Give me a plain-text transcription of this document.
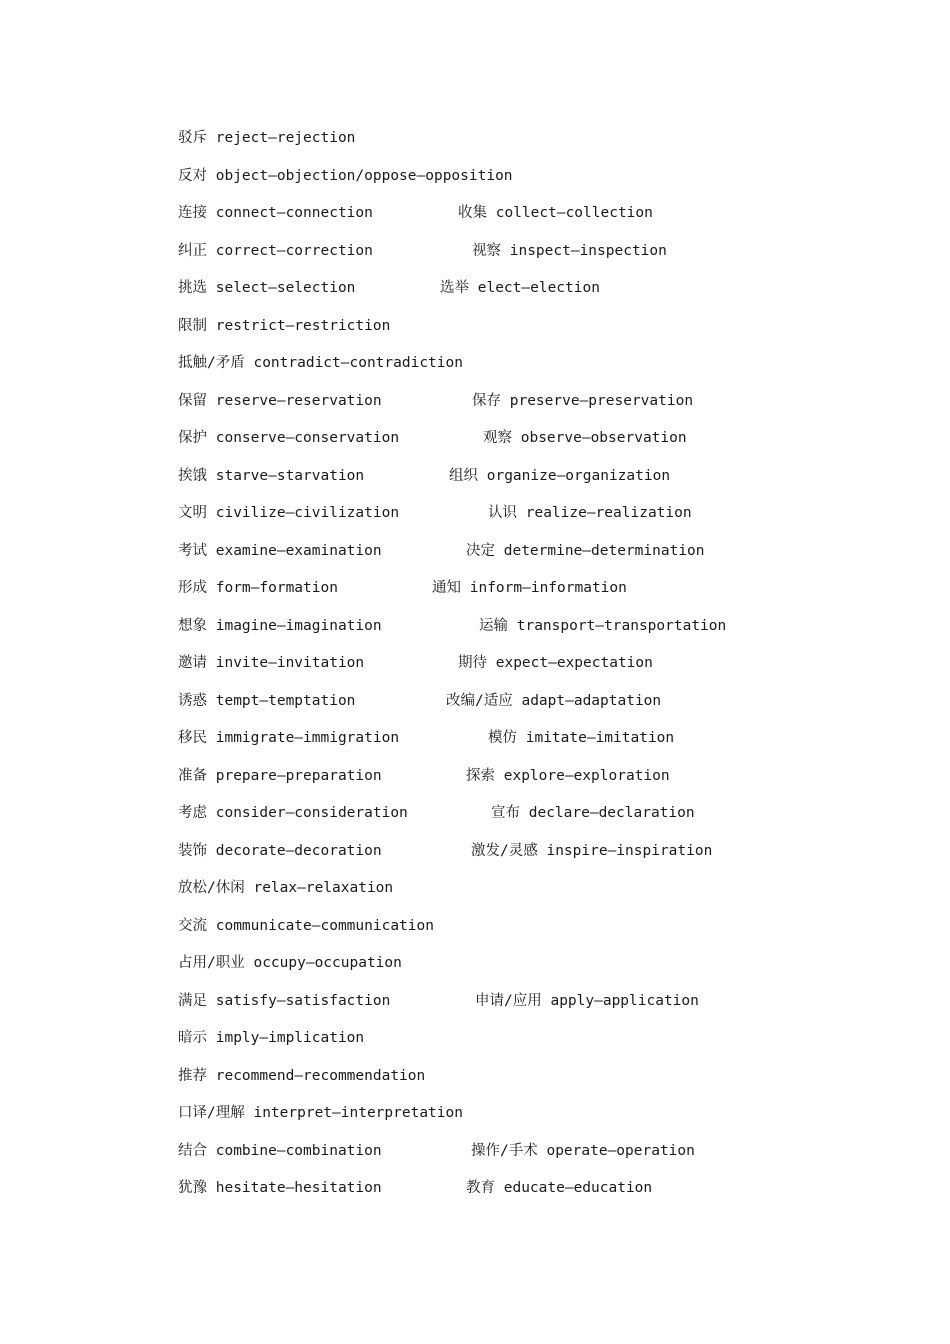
驳斥 reject—rejection
反对 object—objection/oppose—opposition
连接 connect—connection	收集 collect—collection
纠正 correct—correction	视察 inspect—inspection
挑选 select—selection	选举 elect—election
限制 restrict—restriction
抵触/矛盾 contradict—contradiction
保留 reserve—reservation	保存 preserve—preservation
保护 conserve—conservation	观察 observe—observation
挨饿 starve—starvation	组织 organize—organization
文明 civilize—civilization	认识 realize—realization
考试 examine—examination	决定 determine—determination
形成 form—formation	通知 inform—information
想象 imagine—imagination	运输 transport—transportation
邀请 invite—invitation	期待 expect—expectation
诱惑 tempt—temptation	改编/适应 adapt—adaptation
移民 immigrate—immigration	模仿 imitate—imitation
准备 prepare—preparation	探索 explore—exploration
考虑 consider—consideration	宣布 declare—declaration
装饰 decorate—decoration	激发/灵感 inspire—inspiration
放松/休闲 relax—relaxation
交流 communicate—communication
占用/职业 occupy—occupation
满足 satisfy—satisfaction	申请/应用 apply—application
暗示 imply—implication
推荐 recommend—recommendation
口译/理解 interpret—interpretation
结合 combine—combination	操作/手术 operate—operation
犹豫 hesitate—hesitation	教育 educate—education
